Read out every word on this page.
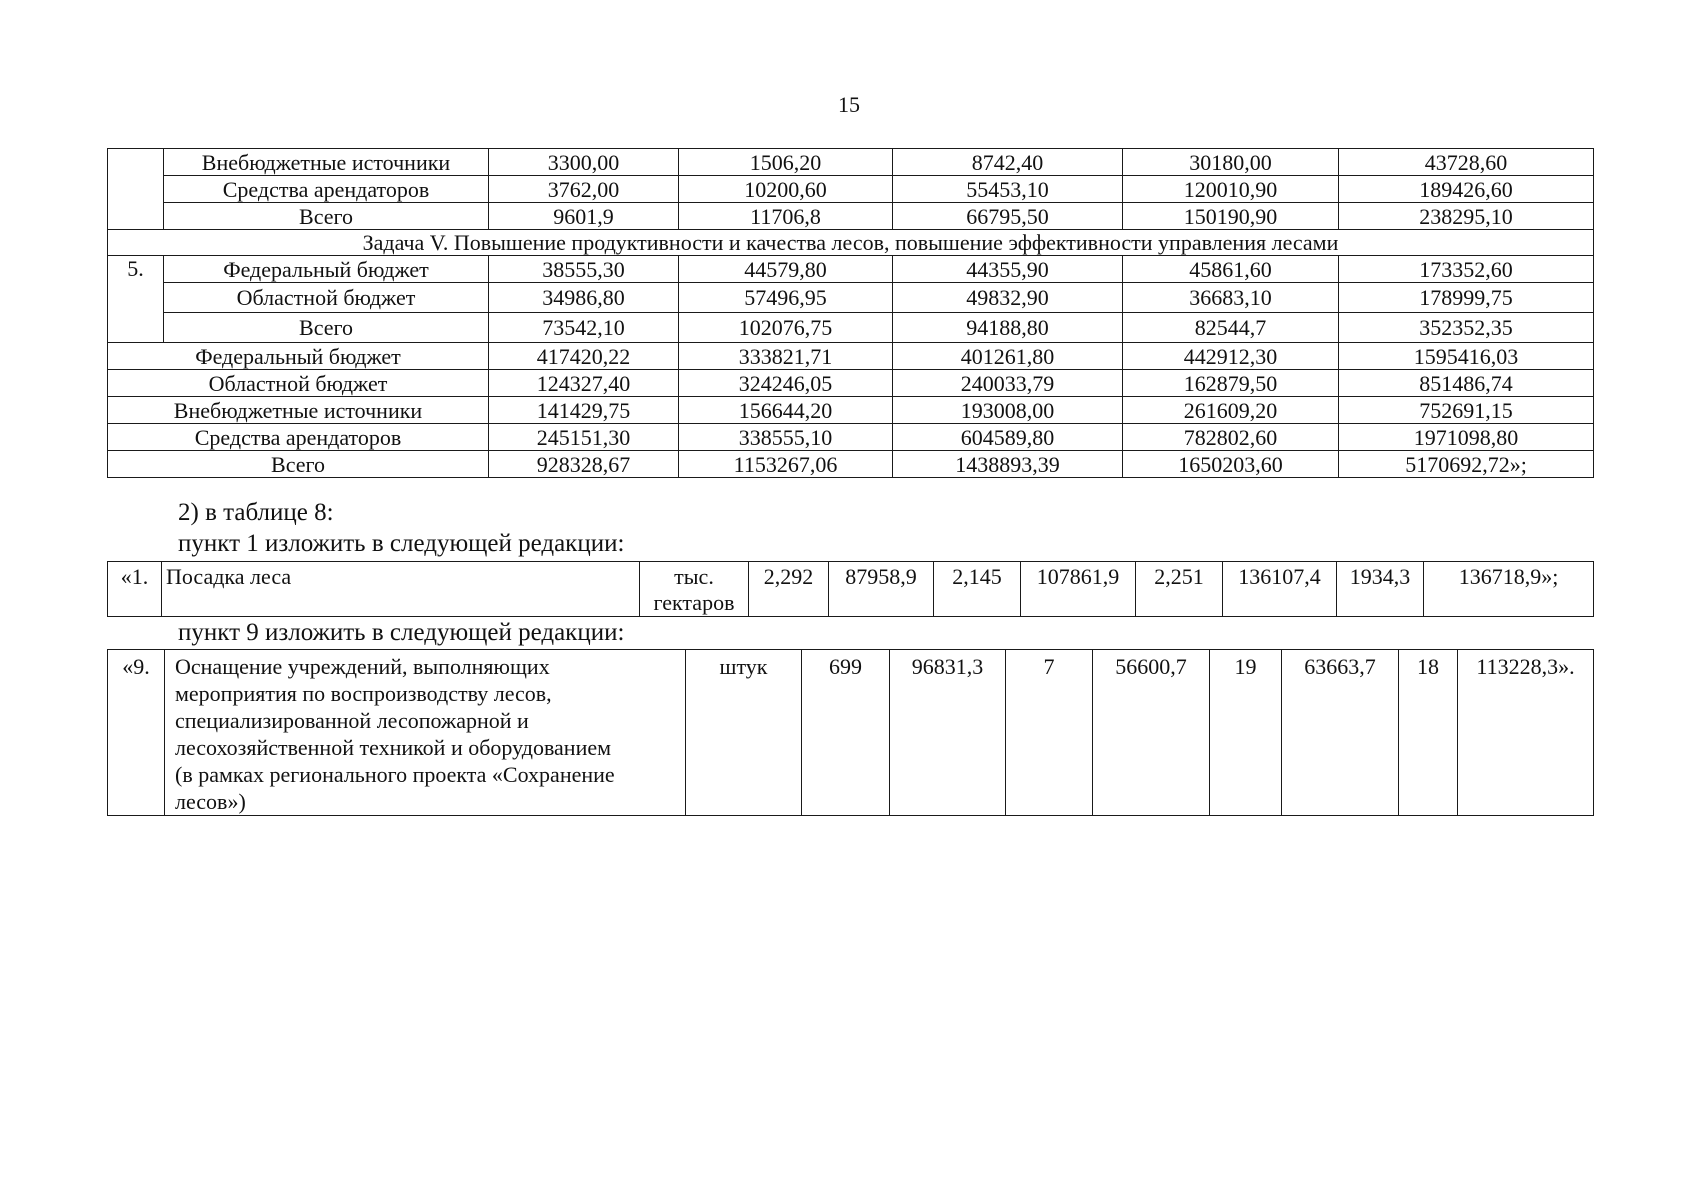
15
	Внебюджетные источники	3300,00	1506,20	8742,40	30180,00	43728,60
	Средства арендаторов	3762,00	10200,60	55453,10	120010,90	189426,60
	Всего	9601,9	11706,8	66795,50	150190,90	238295,10
Задача V. Повышение продуктивности и качества лесов, повышение эффективности управления лесами						
5.	Федеральный бюджет	38555,30	44579,80	44355,90	45861,60	173352,60
	Областной бюджет	34986,80	57496,95	49832,90	36683,10	178999,75
	Всего	73542,10	102076,75	94188,80	82544,7	352352,35
Федеральный бюджет		417420,22	333821,71	401261,80	442912,30	1595416,03
Областной бюджет		124327,40	324246,05	240033,79	162879,50	851486,74
Внебюджетные источники		141429,75	156644,20	193008,00	261609,20	752691,15
Средства арендаторов		245151,30	338555,10	604589,80	782802,60	1971098,80
Всего		928328,67	1153267,06	1438893,39	1650203,60	5170692,72»;
2) в таблице 8:
пункт 1 изложить в следующей редакции:
«1.	Посадка леса	тыс.
гектаров
	2,292	87958,9	2,145	107861,9	2,251	136107,4	1934,3	136718,9»;
пункт 9 изложить в следующей редакции:
«9.	Оснащение учреждений, выполняющих
мероприятия по воспроизводству лесов,
специализированной лесопожарной и
лесохозяйственной техникой и оборудованием
(в рамках регионального проекта «Сохранение
лесов»)
	штук	699	96831,3	7	56600,7	19	63663,7	18	113228,3».
